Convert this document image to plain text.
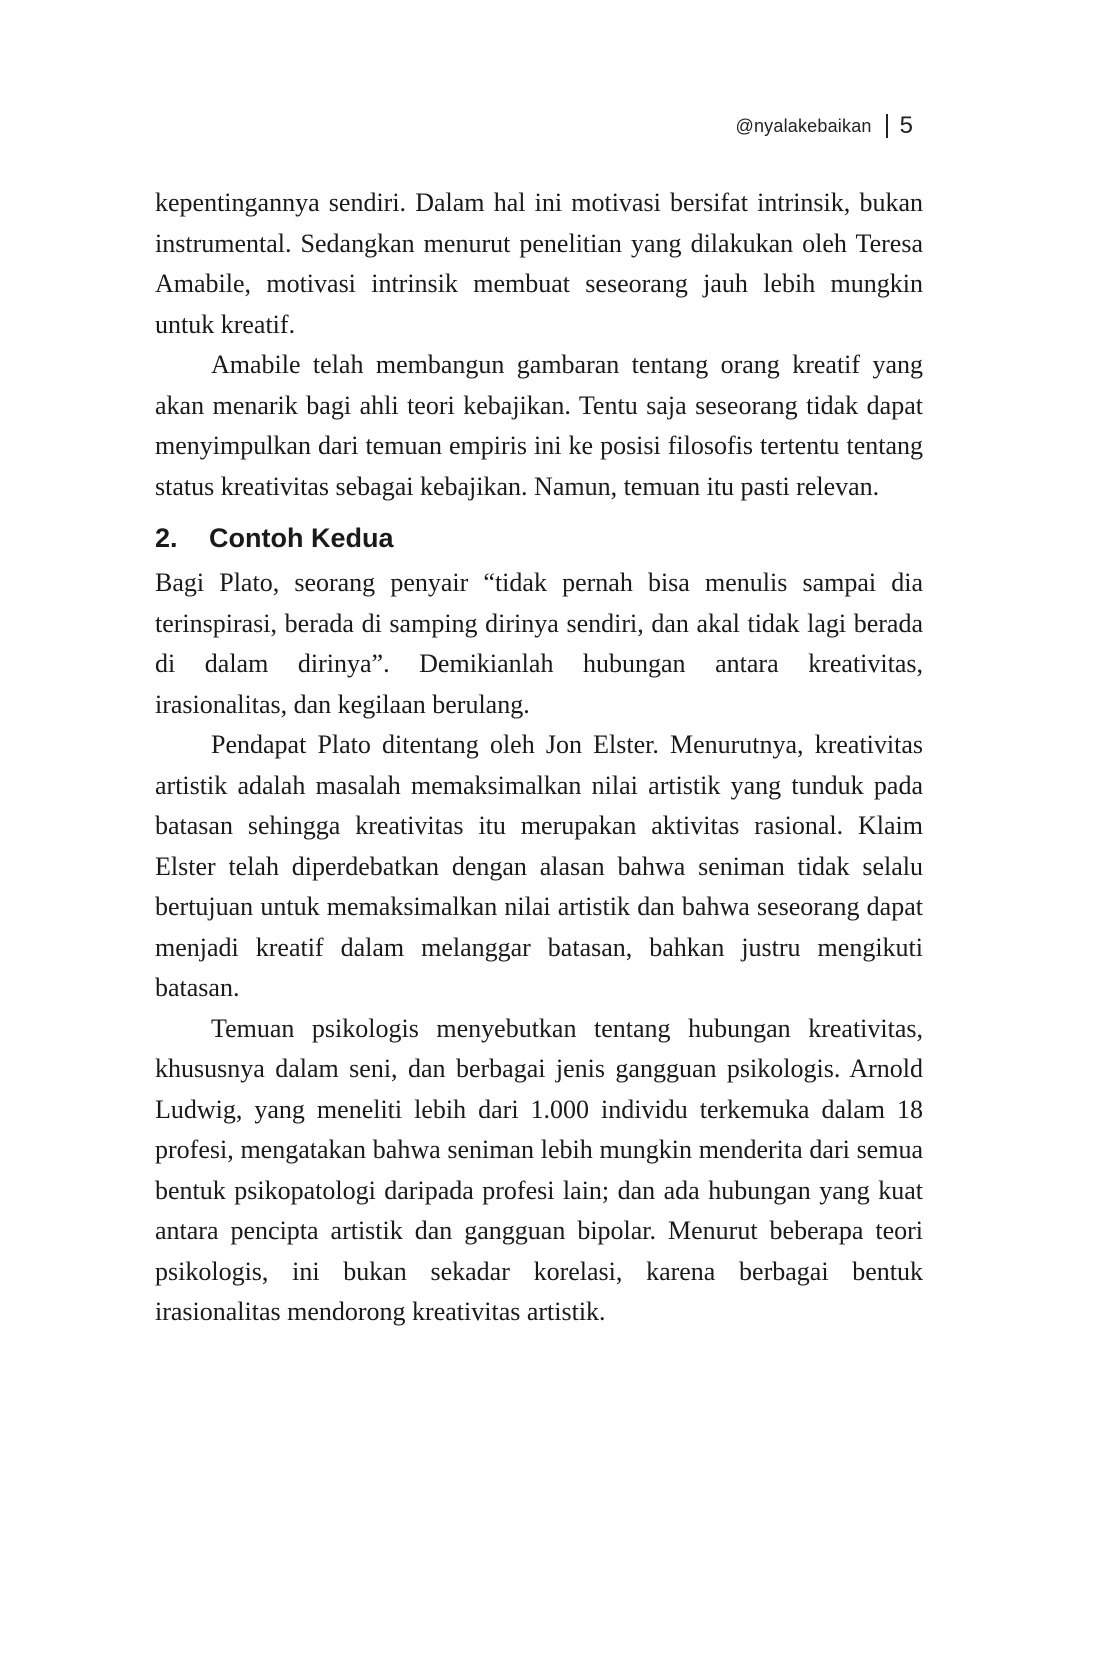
@nyalakebaikan 5

kepentingannya sendiri. Dalam hal ini motivasi bersifat intrinsik, bukan instrumental. Sedangkan menurut penelitian yang dilakukan oleh Teresa Amabile, motivasi intrinsik membuat seseorang jauh lebih mungkin untuk kreatif.

Amabile telah membangun gambaran tentang orang kreatif yang akan menarik bagi ahli teori kebajikan. Tentu saja seseorang tidak dapat menyimpulkan dari temuan empiris ini ke posisi filosofis tertentu tentang status kreativitas sebagai kebajikan. Namun, temuan itu pasti relevan.

2.	Contoh Kedua

Bagi Plato, seorang penyair “tidak pernah bisa menulis sampai dia terinspirasi, berada di samping dirinya sendiri, dan akal tidak lagi berada di dalam dirinya”. Demikianlah hubungan antara kreativitas, irasionalitas, dan kegilaan berulang.

Pendapat Plato ditentang oleh Jon Elster. Menurutnya, kreativitas artistik adalah masalah memaksimalkan nilai artistik yang tunduk pada batasan sehingga kreativitas itu merupakan aktivitas rasional. Klaim Elster telah diperdebatkan dengan alasan bahwa seniman tidak selalu bertujuan untuk memaksimalkan nilai artistik dan bahwa seseorang dapat menjadi kreatif dalam melanggar batasan, bahkan justru mengikuti batasan.

Temuan psikologis menyebutkan tentang hubungan kreativitas, khususnya dalam seni, dan berbagai jenis gangguan psikologis. Arnold Ludwig, yang meneliti lebih dari 1.000 individu terkemuka dalam 18 profesi, mengatakan bahwa seniman lebih mungkin menderita dari semua bentuk psikopatologi daripada profesi lain; dan ada hubungan yang kuat antara pencipta artistik dan gangguan bipolar. Menurut beberapa teori psikologis, ini bukan sekadar korelasi, karena berbagai bentuk irasionalitas mendorong kreativitas artistik.
